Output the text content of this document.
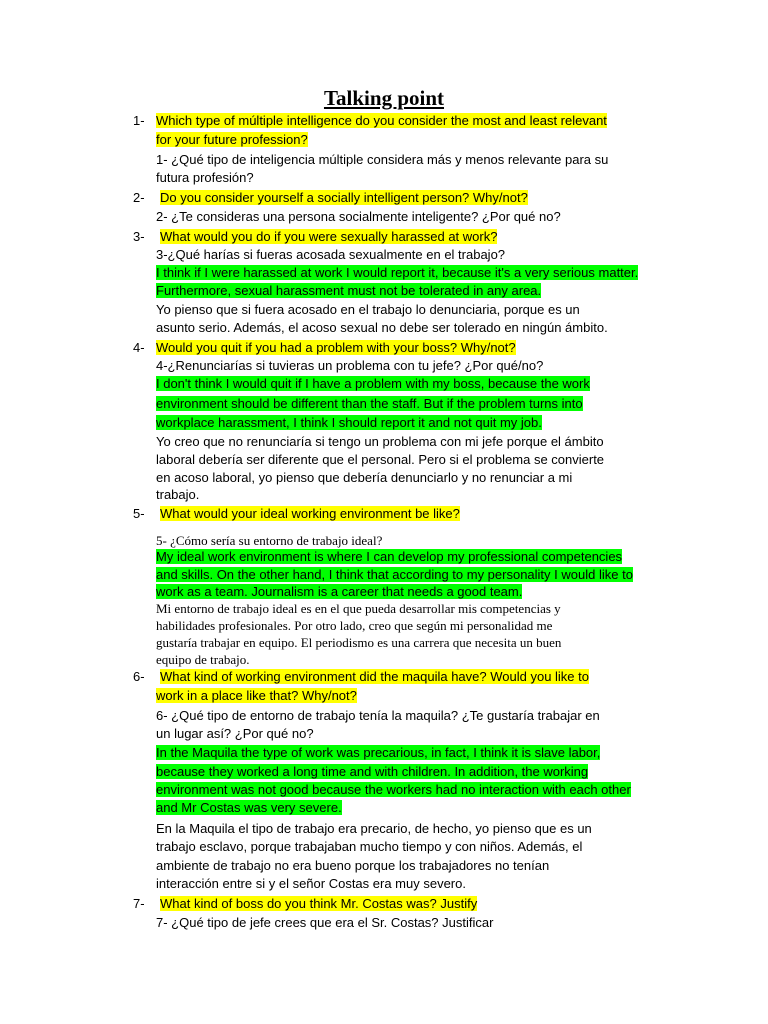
Talking point
1- Which type of múltiple intelligence do you consider the most and least relevant
for your future profession?
1- ¿Qué tipo de inteligencia múltiple considera más y menos relevante para su
futura profesión?
2- Do you consider yourself a socially intelligent person? Why/not?
2- ¿Te consideras una persona socialmente inteligente? ¿Por qué no?
3- What would you do if you were sexually harassed at work?
3-¿Qué harías si fueras acosada sexualmente en el trabajo?
I think if I were harassed at work I would report it, because it's a very serious matter.
Furthermore, sexual harassment must not be tolerated in any area.
Yo pienso que si fuera acosado en el trabajo lo denunciaria, porque es un
asunto serio. Además, el acoso sexual no debe ser tolerado en ningún ámbito.
4- Would you quit if you had a problem with your boss? Why/not?
4-¿Renunciarías si tuvieras un problema con tu jefe? ¿Por qué/no?
I don't think I would quit if I have a problem with my boss, because the work
environment should be different than the staff. But if the problem turns into
workplace harassment, I think I should report it and not quit my job.
Yo creo que no renunciaría si tengo un problema con mi jefe porque el ámbito
laboral debería ser diferente que el personal. Pero si el problema se convierte
en acoso laboral, yo pienso que debería denunciarlo y no renunciar a mi
trabajo.
5- What would your ideal working environment be like?
5- ¿Cómo sería su entorno de trabajo ideal?
My ideal work environment is where I can develop my professional competencies
and skills. On the other hand, I think that according to my personality I would like to
work as a team. Journalism is a career that needs a good team.
Mi entorno de trabajo ideal es en el que pueda desarrollar mis competencias y
habilidades profesionales. Por otro lado, creo que según mi personalidad me
gustaría trabajar en equipo. El periodismo es una carrera que necesita un buen
equipo de trabajo.
6- What kind of working environment did the maquila have? Would you like to
work in a place like that? Why/not?
6- ¿Qué tipo de entorno de trabajo tenía la maquila? ¿Te gustaría trabajar en
un lugar así? ¿Por qué no?
In the Maquila the type of work was precarious, in fact, I think it is slave labor,
because they worked a long time and with children. In addition, the working
environment was not good because the workers had no interaction with each other
and Mr Costas was very severe.
En la Maquila el tipo de trabajo era precario, de hecho, yo pienso que es un
trabajo esclavo, porque trabajaban mucho tiempo y con niños. Además, el
ambiente de trabajo no era bueno porque los trabajadores no tenían
interacción entre si y el señor Costas era muy severo.
7- What kind of boss do you think Mr. Costas was? Justify
7- ¿Qué tipo de jefe crees que era el Sr. Costas? Justificar
